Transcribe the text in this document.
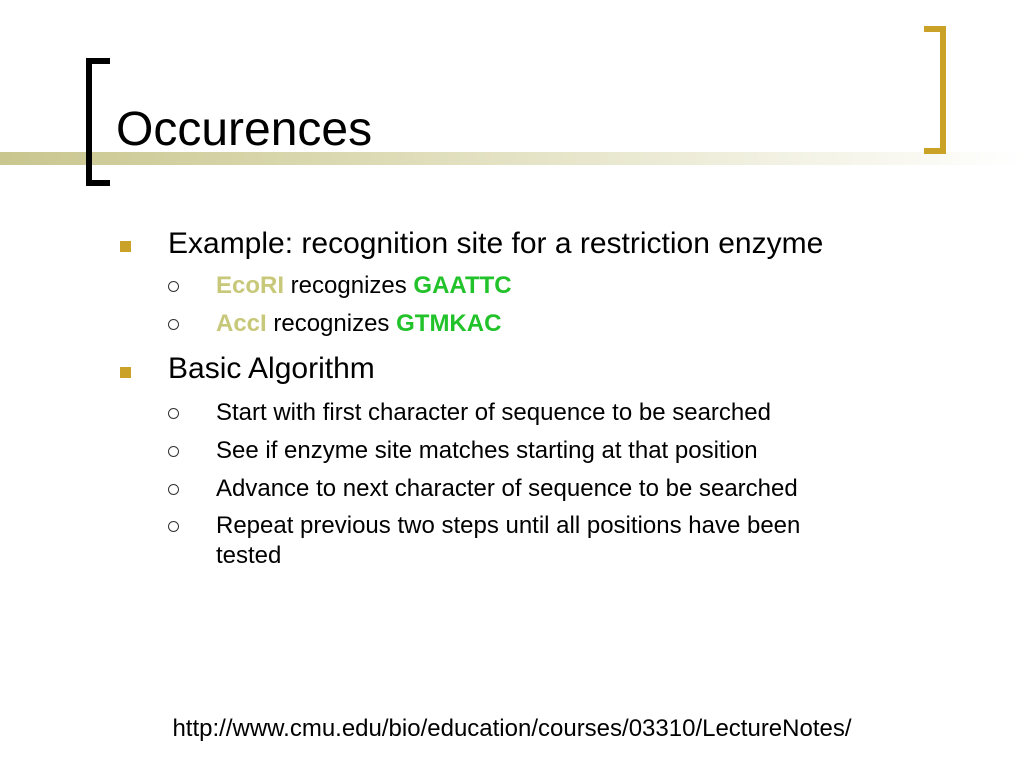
Occurences
Example: recognition site for a restriction enzyme
EcoRI recognizes GAATTC
AccI recognizes GTMKAC
Basic Algorithm
Start with first character of sequence to be searched
See if enzyme site matches starting at that position
Advance to next character of sequence to be searched
Repeat previous two steps until all positions have been
tested
http://www.cmu.edu/bio/education/courses/03310/LectureNotes/
